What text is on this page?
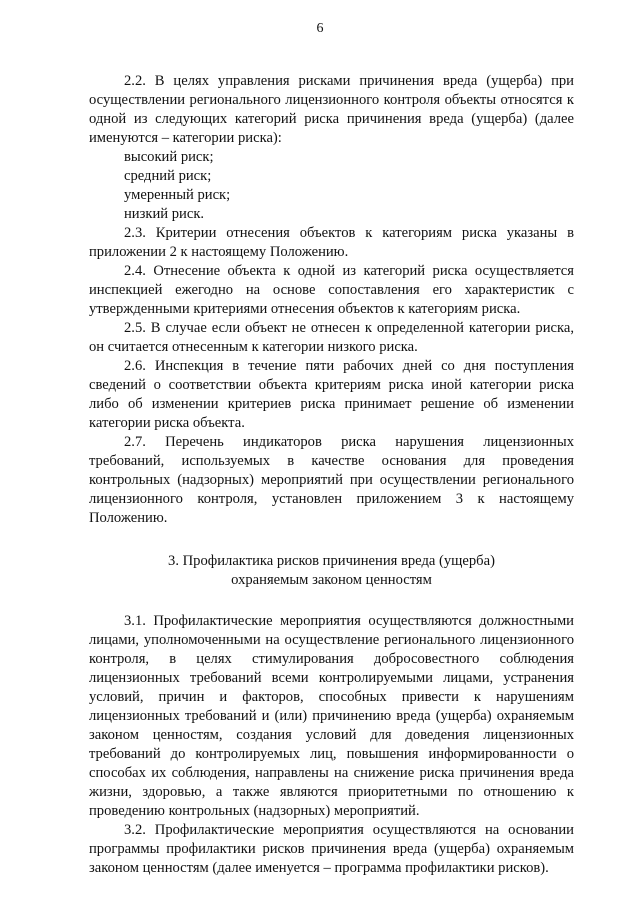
6

2.2. В целях управления рисками причинения вреда (ущерба) при осуществлении регионального лицензионного контроля объекты относятся к одной из следующих категорий риска причинения вреда (ущерба) (далее именуются – категории риска):

высокий риск;

средний риск;

умеренный риск;

низкий риск.

2.3. Критерии отнесения объектов к категориям риска указаны в приложении 2 к настоящему Положению.

2.4. Отнесение объекта к одной из категорий риска осуществляется инспекцией ежегодно на основе сопоставления его характеристик с утвержденными критериями отнесения объектов к категориям риска.

2.5. В случае если объект не отнесен к определенной категории риска, он считается отнесенным к категории низкого риска.

2.6. Инспекция в течение пяти рабочих дней со дня поступления сведений о соответствии объекта критериям риска иной категории риска либо об изменении критериев риска принимает решение об изменении категории риска объекта.

2.7. Перечень индикаторов риска нарушения лицензионных требований, используемых в качестве основания для проведения контрольных (надзорных) мероприятий при осуществлении регионального лицензионного контроля, установлен приложением 3 к настоящему Положению.

3. Профилактика рисков причинения вреда (ущерба)
охраняемым законом ценностям

3.1. Профилактические мероприятия осуществляются должностными лицами, уполномоченными на осуществление регионального лицензионного контроля, в целях стимулирования добросовестного соблюдения лицензионных требований всеми контролируемыми лицами, устранения условий, причин и факторов, способных привести к нарушениям лицензионных требований и (или) причинению вреда (ущерба) охраняемым законом ценностям, создания условий для доведения лицензионных требований до контролируемых лиц, повышения информированности о способах их соблюдения, направлены на снижение риска причинения вреда жизни, здоровью, а также являются приоритетными по отношению к проведению контрольных (надзорных) мероприятий.

3.2. Профилактические мероприятия осуществляются на основании программы профилактики рисков причинения вреда (ущерба) охраняемым законом ценностям (далее именуется – программа профилактики рисков).
